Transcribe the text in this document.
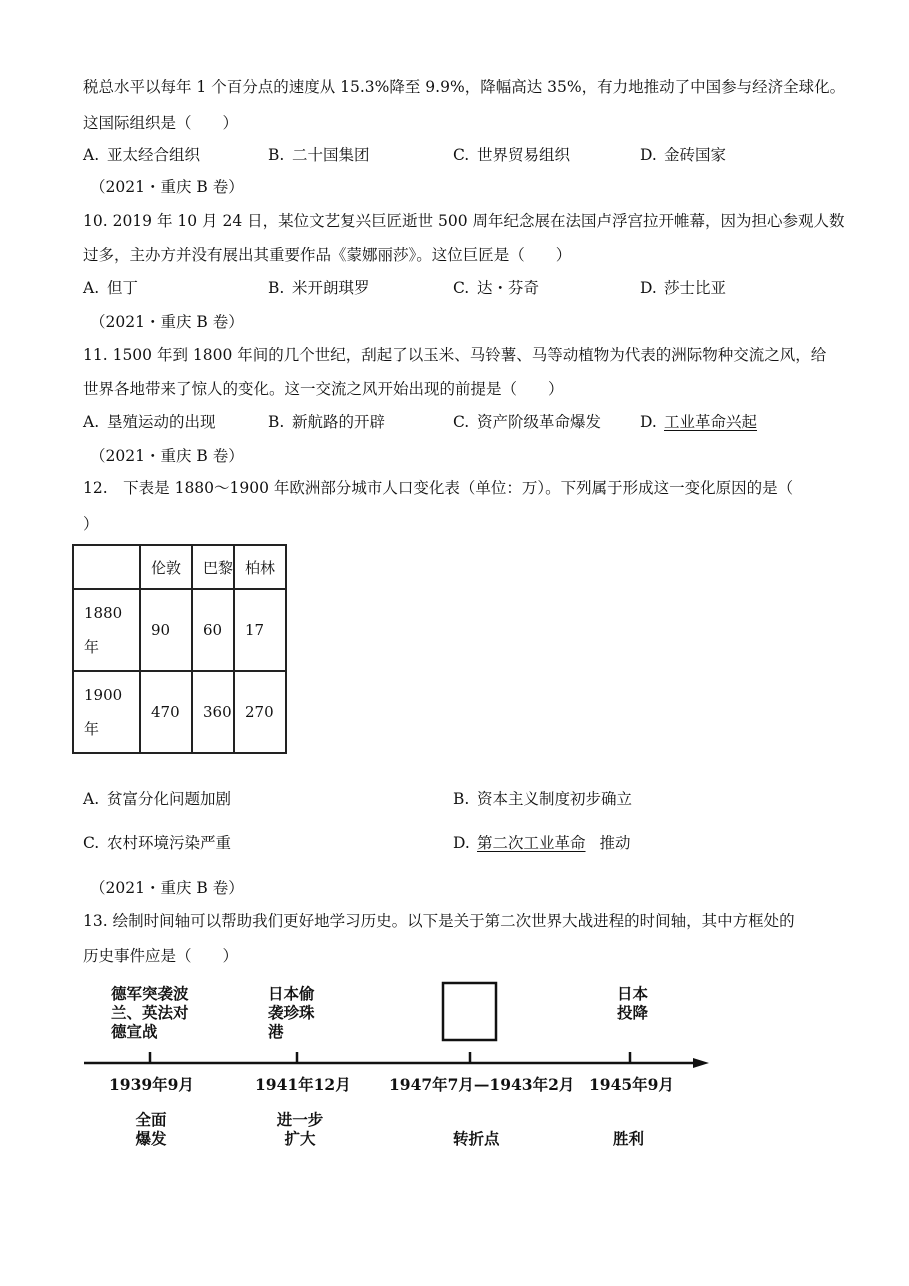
税总水平以每年 1 个百分点的速度从 15.3%降至 9.9%，降幅高达 35%，有力地推动了中国参与经济全球化。
这国际组织是（　　）
A. 亚太经合组织	B. 二十国集团	C. 世界贸易组织	D. 金砖国家
（2021・重庆 B 卷）
10. 2019 年 10 月 24 日，某位文艺复兴巨匠逝世 500 周年纪念展在法国卢浮宫拉开帷幕，因为担心参观人数
过多，主办方并没有展出其重要作品《蒙娜丽莎》。这位巨匠是（　　）
A. 但丁	B. 米开朗琪罗	C. 达・芬奇	D. 莎士比亚
（2021・重庆 B 卷）
11. 1500 年到 1800 年间的几个世纪，刮起了以玉米、马铃薯、马等动植物为代表的洲际物种交流之风，给
世界各地带来了惊人的变化。这一交流之风开始出现的前提是（　　）
A. 垦殖运动的出现	B. 新航路的开辟	C. 资产阶级革命爆发	D. 工业革命兴起
（2021・重庆 B 卷）
12.　下表是 1880～1900 年欧洲部分城市人口变化表（单位：万）。下列属于形成这一变化原因的是（
）
	伦敦	巴黎	柏林
1880
年	90	60	17
1900
年	470	360	270
A. 贫富分化问题加剧	B. 资本主义制度初步确立
C. 农村环境污染严重	D. 第二次工业革命 推动
（2021・重庆 B 卷）
13. 绘制时间轴可以帮助我们更好地学习历史。以下是关于第二次世界大战进程的时间轴，其中方框处的
历史事件应是（　　）
德军突袭波
兰、英法对
德宣战
日本偷
袭珍珠
港
日本
投降
1939年9月	1941年12月 1947年7月—1943年2月 1945年9月
全面
爆发
进一步
扩大	转折点	胜利
